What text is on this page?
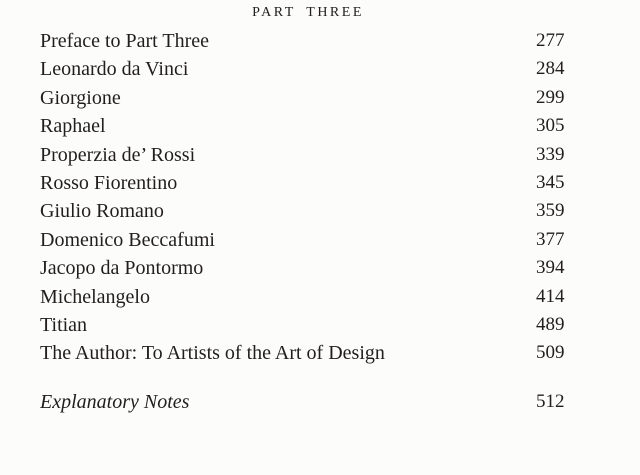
PART THREE
Preface to Part Three	277
Leonardo da Vinci	284
Giorgione	299
Raphael	305
Properzia de’ Rossi	339
Rosso Fiorentino	345
Giulio Romano	359
Domenico Beccafumi	377
Jacopo da Pontormo	394
Michelangelo	414
Titian	489
The Author: To Artists of the Art of Design	509
Explanatory Notes	512
